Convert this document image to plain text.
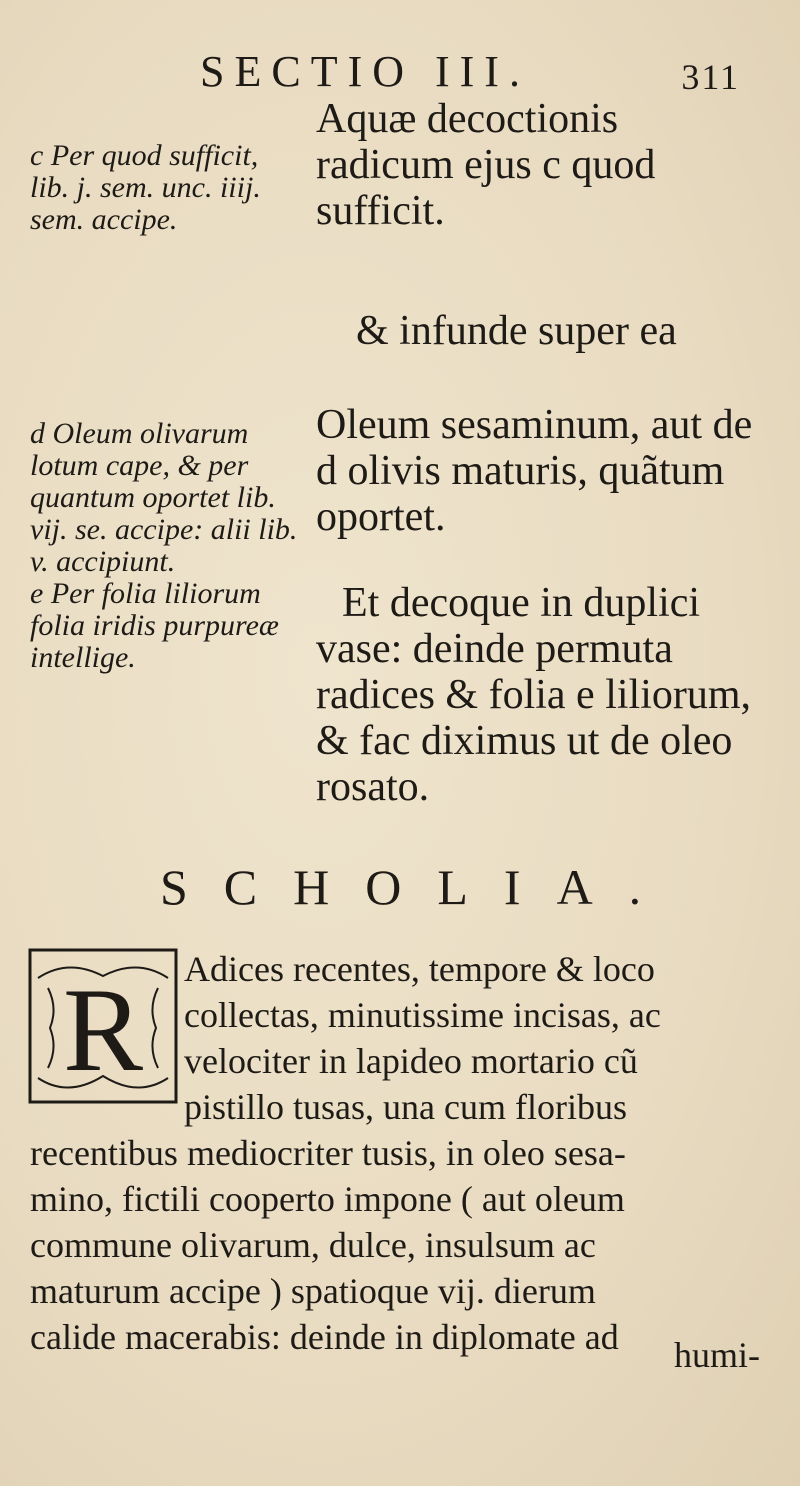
SECTIO III.	311
c Per quod sufficit, lib. j. sem. unc. iiij. sem. accipe.
d Oleum olivarum lotum cape, & per quantum oportet lib. vij. se. accipe: alii lib. v. accipiunt.
e Per folia liliorum folia iridis purpureæ intellige.

Aquæ decoctionis radicum ejus c quod sufficit.

& infunde super ea

Oleum sesaminum, aut de d olivis maturis, quãtum oportet.

Et decoque in duplici vase: deinde permuta radices & folia e liliorum, & fac diximus ut de oleo rosato.

SCHOLIA.
R	Adices recentes, tempore & loco
collectas, minutissime incisas, ac
velociter in lapideo mortario cũ
pistillo tusas, una cum floribus
recentibus mediocriter tusis, in oleo sesa-
mino, fictili cooperto impone ( aut oleum
commune olivarum, dulce, insulsum ac
maturum accipe ) spatioque vij. dierum
calide macerabis: deinde in diplomate ad	humi-
